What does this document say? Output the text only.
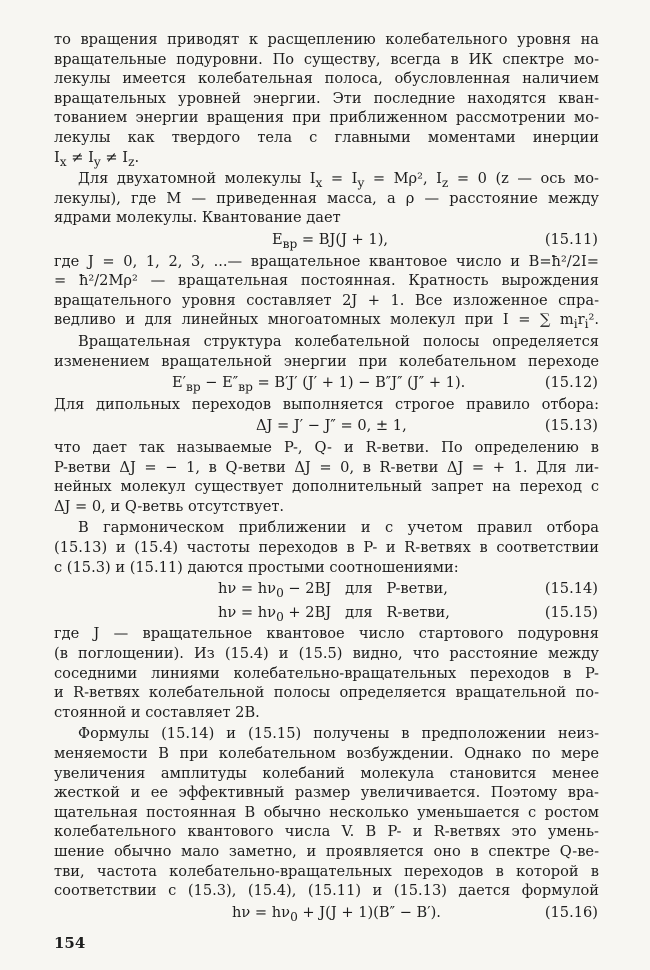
то вращения приводят к расщеплению колебательного уровня на
вращательные подуровни. По существу, всегда в ИК спектре мо-
лекулы имеется колебательная полоса, обусловленная наличием
вращательных уровней энергии. Эти последние находятся кван-
тованием энергии вращения при приближенном рассмотрении мо-
лекулы как твердого тела с главными моментами инерции
$I_x \ne I_y \ne I_z$.
Для двухатомной молекулы $I_x = I_y = M\rho^2$, $I_z = 0$ (z — ось мо-
лекулы), где M — приведенная масса, а ρ — расстояние между
ядрами молекулы. Квантование дает
$E_{вр} = BJ(J + 1)$,	(15.11)
где J = 0, 1, 2, 3, ...— вращательное квантовое число и B=ħ²/2I=
= ħ²/2Mρ² — вращательная постоянная. Кратность вырождения
вращательного уровня составляет 2J + 1. Все изложенное спра-
ведливо и для линейных многоатомных молекул при I = ∑ $m_ir_i^2$.
Вращательная структура колебательной полосы определяется
изменением вращательной энергии при колебательном переходе
$E'_{вр} - E''_{вр} = B'J'$ (J′ + 1) − B″J″ (J″ + 1).	(15.12)
Для дипольных переходов выполняется строгое правило отбора:
ΔJ = J′ − J″ = 0, ± 1,	(15.13)
что дает так называемые P-, Q- и R-ветви. По определению в
P-ветви ΔJ = − 1, в Q-ветви ΔJ = 0, в R-ветви ΔJ = + 1. Для ли-
нейных молекул существует дополнительный запрет на переход с
ΔJ = 0, и Q-ветвь отсутствует.
В гармоническом приближении и с учетом правил отбора
(15.13) и (15.4) частоты переходов в P- и R-ветвях в соответствии
с (15.3) и (15.11) даются простыми соотношениями:
$h\nu = h\nu_0 - 2BJ$   для   P-ветви,	(15.14)
$h\nu = h\nu_0 + 2BJ$   для   R-ветви,	(15.15)
где J — вращательное квантовое число стартового подуровня
(в поглощении). Из (15.4) и (15.5) видно, что расстояние между
соседними линиями колебательно-вращательных переходов в P-
и R-ветвях колебательной полосы определяется вращательной по-
стоянной и составляет 2B.
Формулы (15.14) и (15.15) получены в предположении неиз-
меняемости B при колебательном возбуждении. Однако по мере
увеличения амплитуды колебаний молекула становится менее
жесткой и ее эффективный размер увеличивается. Поэтому вра-
щательная постоянная B обычно несколько уменьшается с ростом
колебательного квантового числа V. В P- и R-ветвях это умень-
шение обычно мало заметно, и проявляется оно в спектре Q-ве-
тви, частота колебательно-вращательных переходов в которой в
соответствии с (15.3), (15.4), (15.11) и (15.13) дается формулой
$h\nu = h\nu_0 + J(J + 1)(B'' - B')$.	(15.16)
154
